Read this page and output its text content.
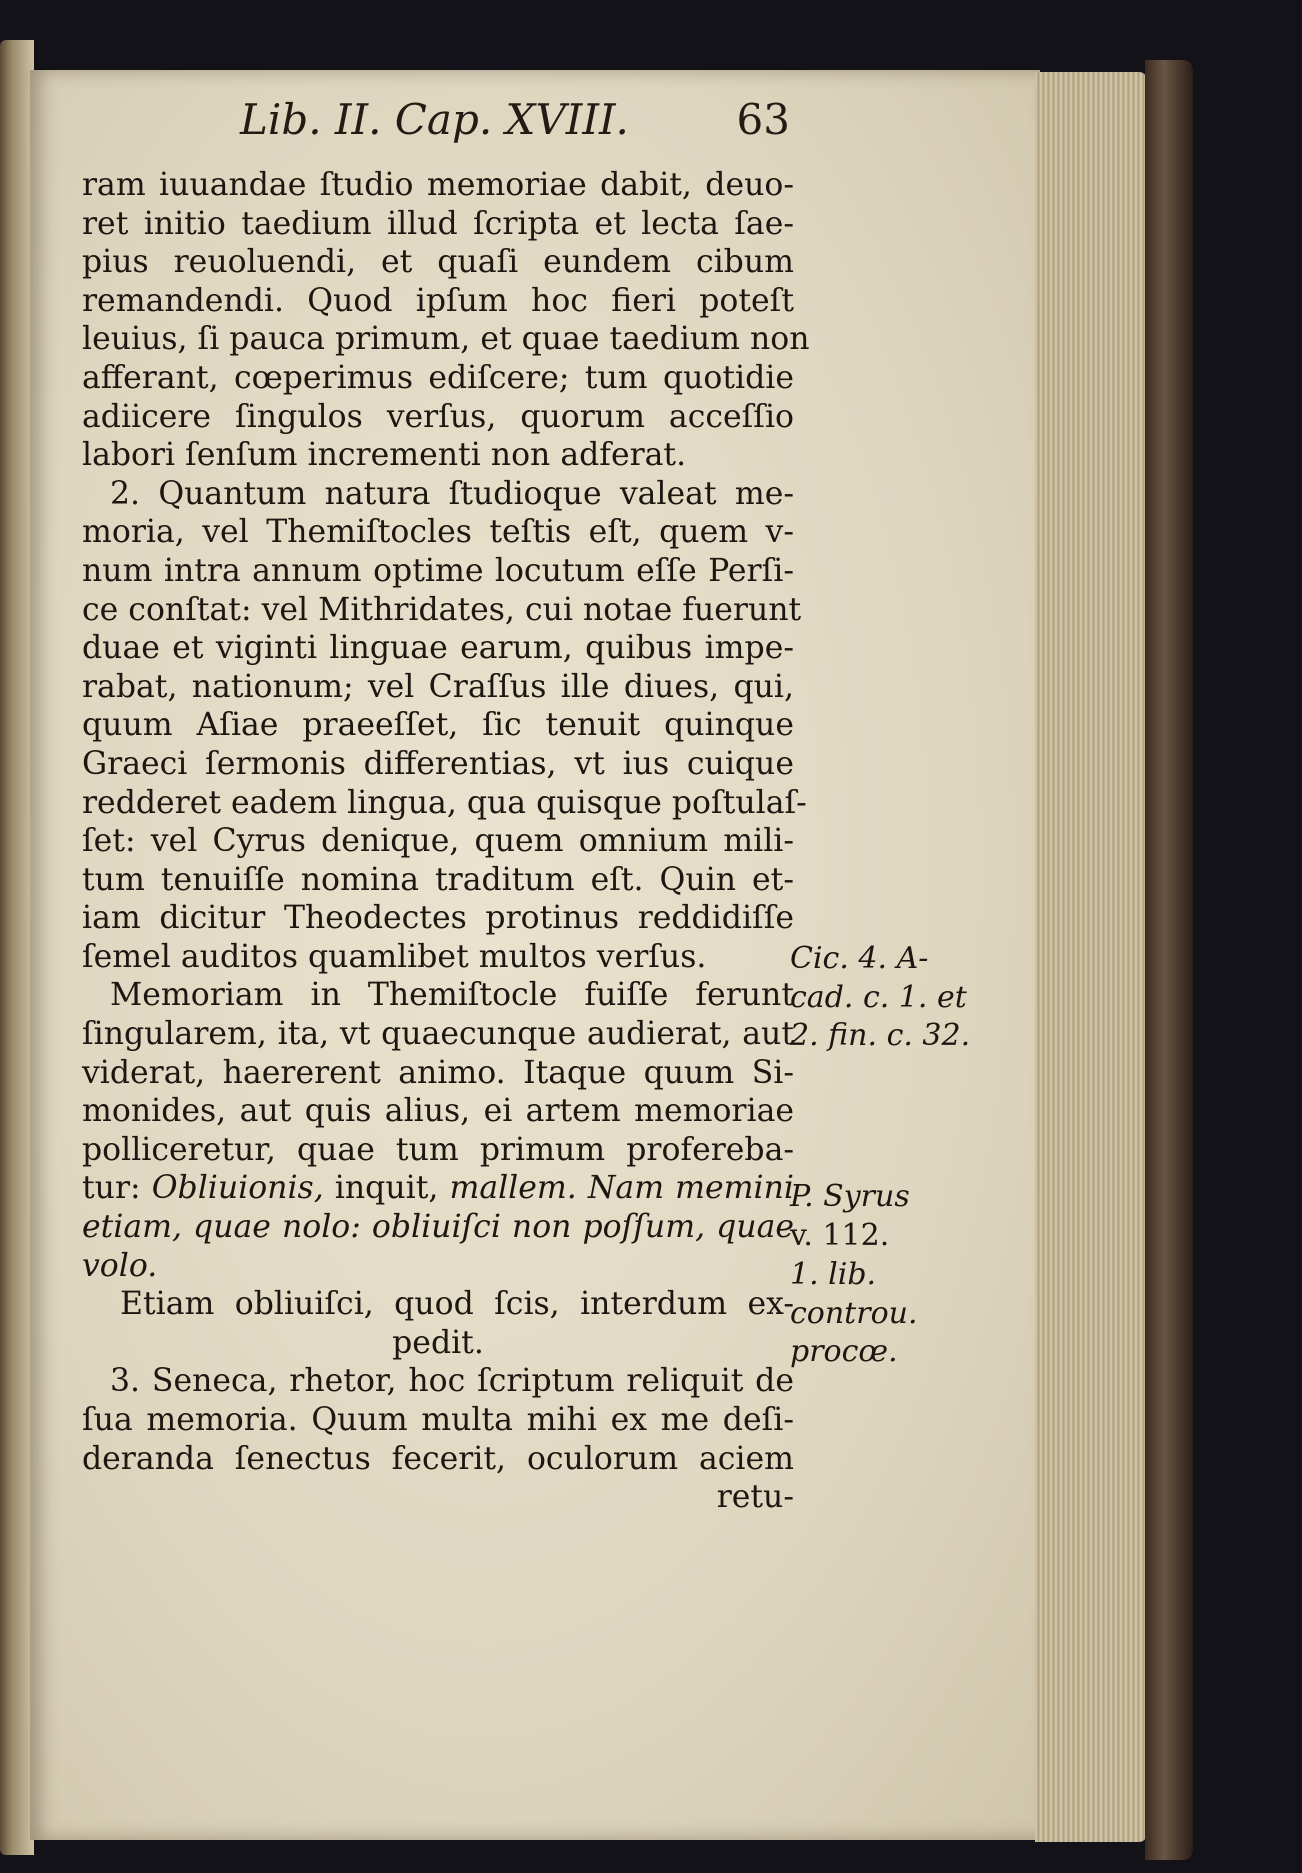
Lib. II. Cap. XVIII.	63
ram iuuandae ſtudio memoriae dabit, deuo-
ret initio taedium illud ſcripta et lecta ſae-
pius reuoluendi, et quaſi eundem cibum
remandendi. Quod ipſum hoc fieri poteſt
leuius, ſi pauca primum, et quae taedium non
afferant, cœperimus ediſcere; tum quotidie
adiicere ſingulos verſus, quorum acceſſio
labori ſenſum incrementi non adferat.
2. Quantum natura ſtudioque valeat me-
moria, vel Themiſtocles teſtis eſt, quem v-
num intra annum optime locutum eſſe Perſi-
ce conſtat: vel Mithridates, cui notae fuerunt
duae et viginti linguae earum, quibus impe-
rabat, nationum; vel Craſſus ille diues, qui,
quum Aſiae praeeſſet, ſic tenuit quinque
Graeci ſermonis differentias, vt ius cuique
redderet eadem lingua, qua quisque poſtulaſ-
ſet: vel Cyrus denique, quem omnium mili-
tum tenuiſſe nomina traditum eſt. Quin et-
iam dicitur Theodectes protinus reddidiſſe
ſemel auditos quamlibet multos verſus.
Memoriam in Themiſtocle fuiſſe ferunt
ſingularem, ita, vt quaecunque audierat, aut
viderat, haererent animo. Itaque quum Si-
monides, aut quis alius, ei artem memoriae
polliceretur, quae tum primum profereba-
tur: Obliuionis, inquit, mallem. Nam memini
etiam, quae nolo: obliuiſci non poſſum, quae
volo.
Etiam obliuiſci, quod ſcis, interdum ex-
pedit.
3. Seneca, rhetor, hoc ſcriptum reliquit de
ſua memoria. Quum multa mihi ex me deſi-
deranda ſenectus fecerit, oculorum aciem
retu-
Cic. 4. A-
cad. c. 1. et
2. fin. c. 32.
P. Syrus
v. 112.
1. lib.
controu.
procœ.
